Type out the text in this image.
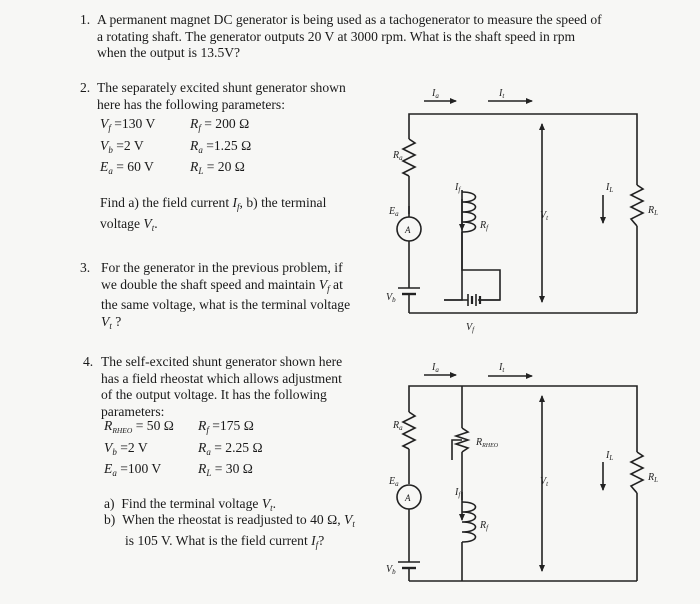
1. A permanent magnet DC generator is being used as a tachogenerator to measure the speed of
a rotating shaft. The generator outputs 20 V at 3000 rpm. What is the shaft speed in rpm
when the output is 13.5V?
2. The separately excited shunt generator shown
here has the following parameters:
$V_f =130$ V	$R_f = 200$ Ω
$V_b =2$ V	$R_a =1.25$ Ω
$E_a = 60$ V	$R_L = 20$ Ω
Find a) the field current $I_f$, b) the terminal
voltage $V_t$.
3. For the generator in the previous problem, if
we double the shaft speed and maintain $V_f$ at
the same voltage, what is the terminal voltage
$V_t$ ?
4. The self-excited shunt generator shown here
has a field rheostat which allows adjustment
of the output voltage. It has the following
parameters:
$R_{RHEO} = 50$ Ω $R_f =175$ Ω
$V_b =2$ V	$R_a = 2.25$ Ω
$E_a =100$ V	$R_L = 30$ Ω
a) Find the terminal voltage $V_t$.
b) When the rheostat is readjusted to 40 Ω, $V_t$
is 105 V. What is the field current $I_f$?
$I_a$	$I_t$
$R_a$
$E_a$
A
$I_f$
$R_f$
$V_t$
$I_L$
$R_L$
$V_b$
$V_f$
$I_a$	$I_t$
$R_a$
$E_a$
A
$R_{RHEO}$
$I_f$
$R_f$
$V_t$
$I_L$
$R_L$
$V_b$
